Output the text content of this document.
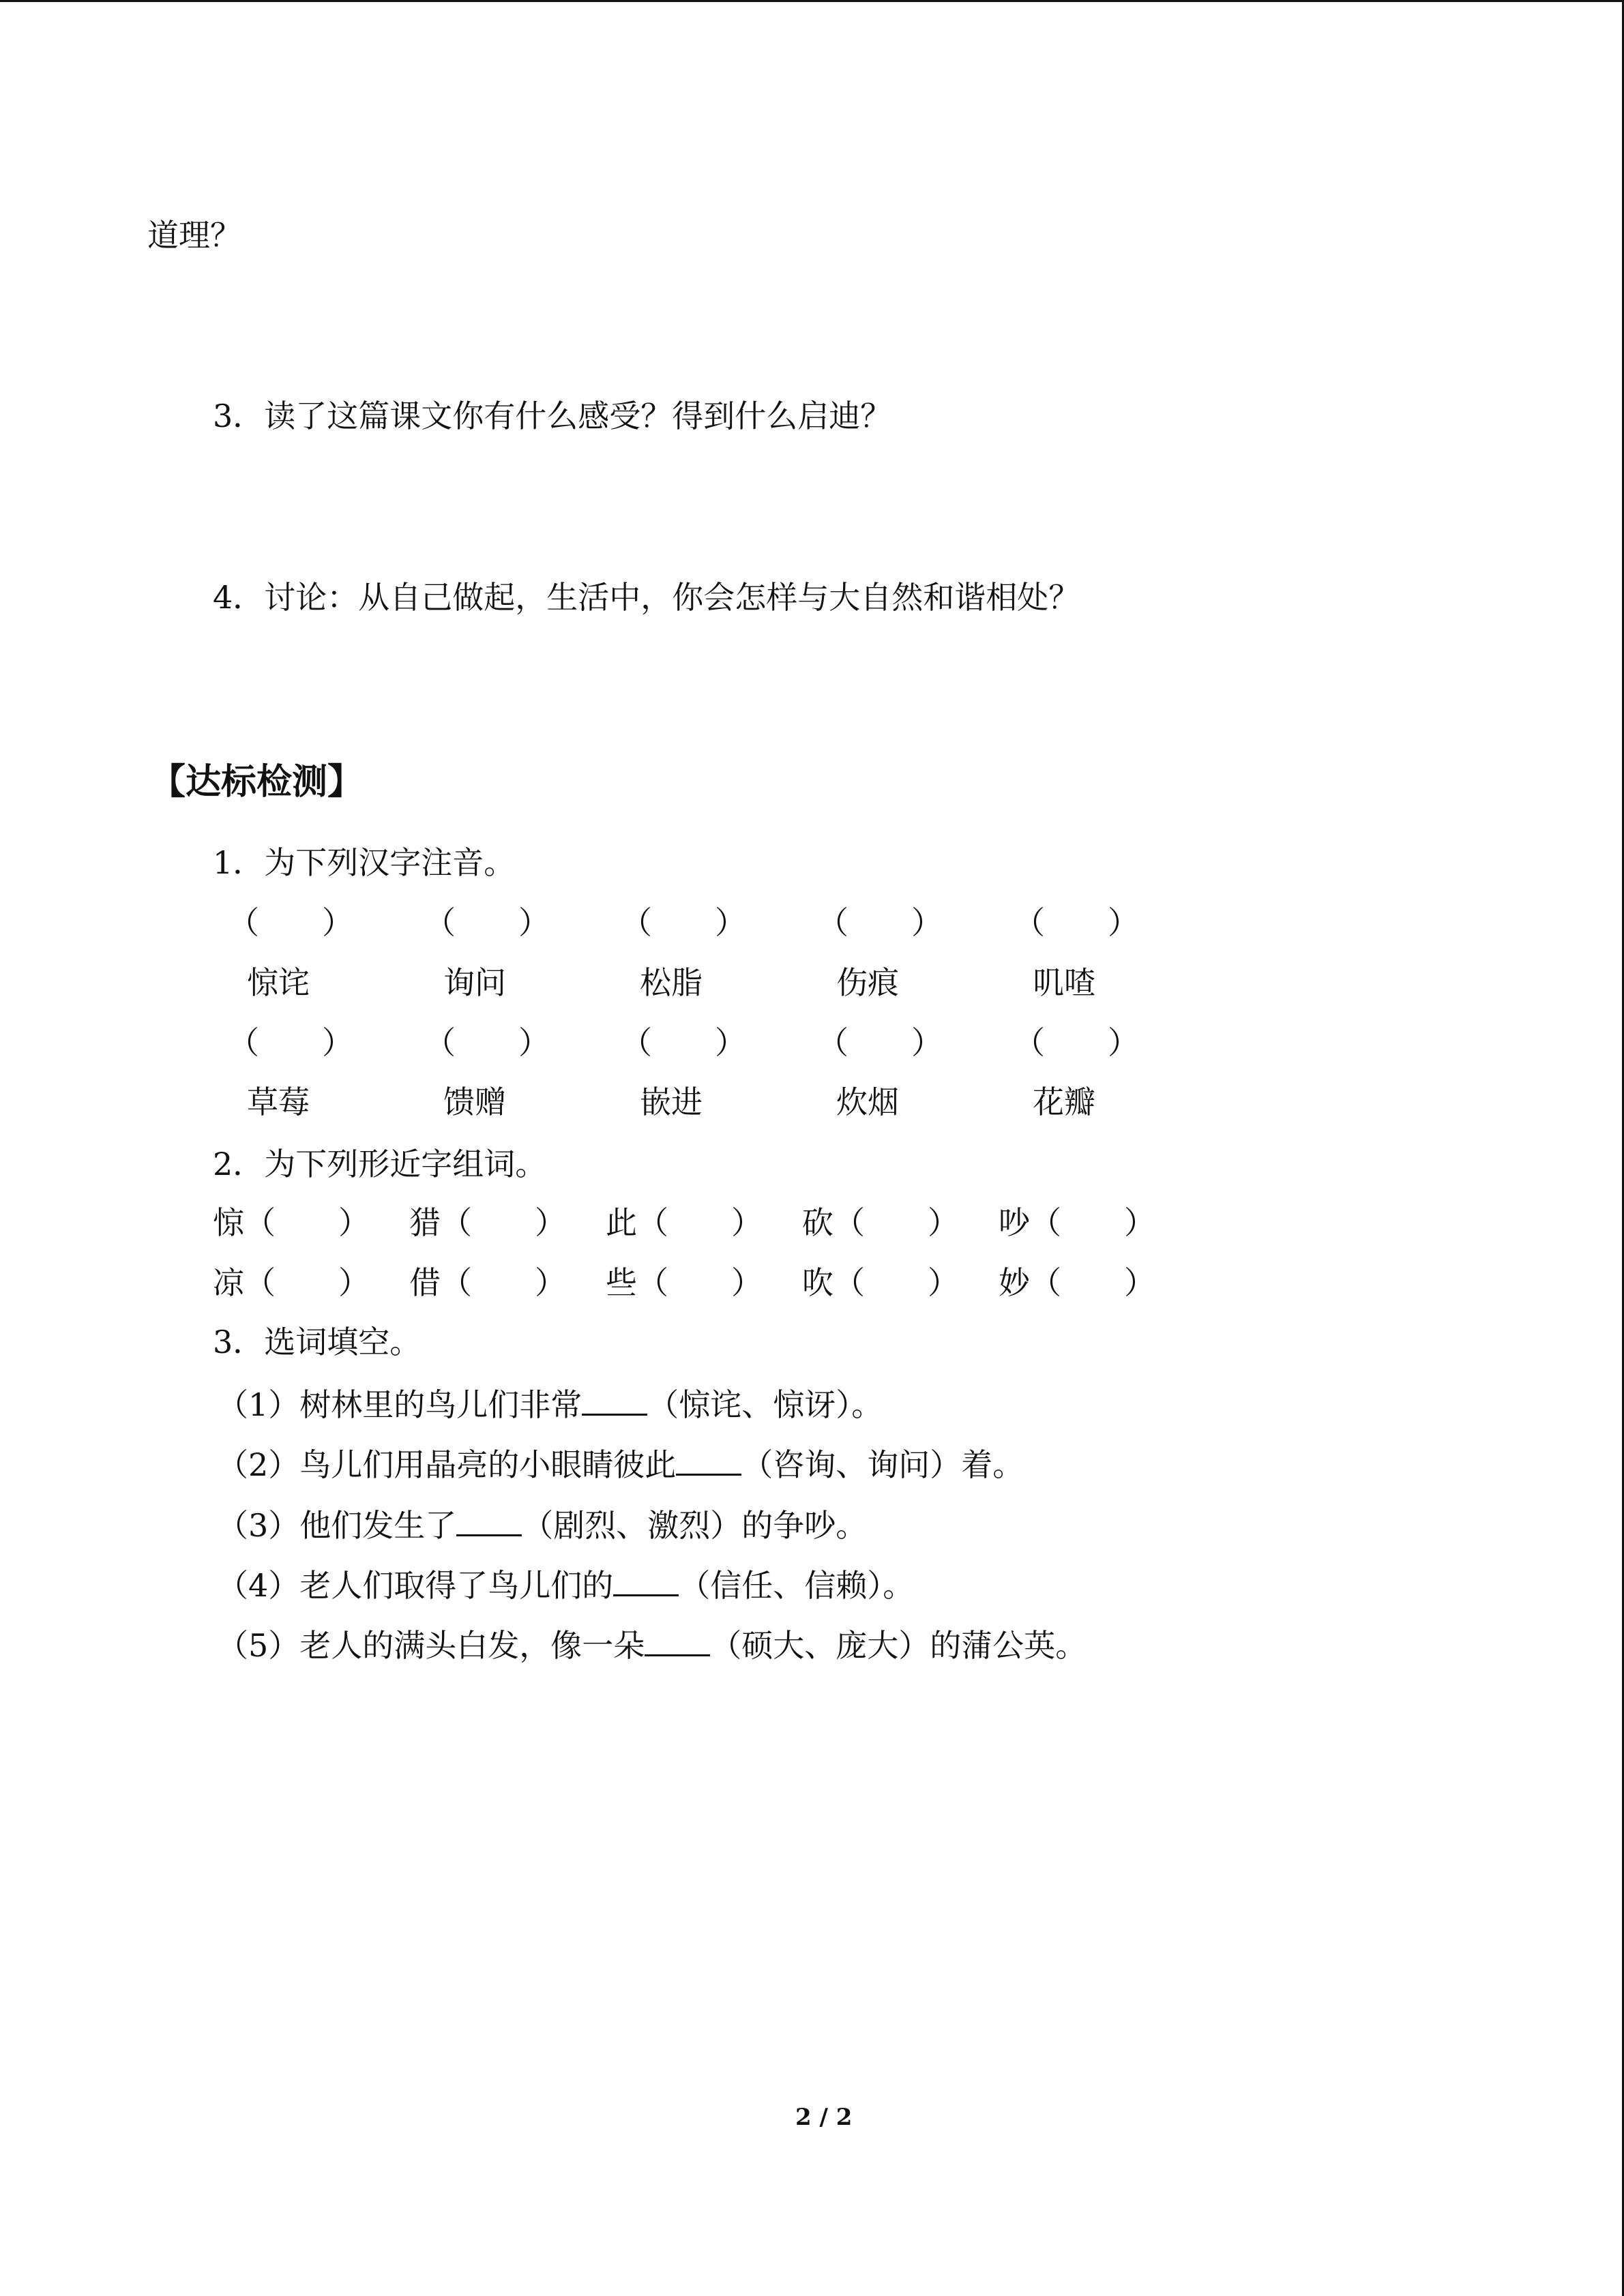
道理？
3．读了这篇课文你有什么感受？得到什么启迪？
4．讨论：从自己做起，生活中，你会怎样与大自然和谐相处？
【达标检测】
1．为下列汉字注音。
（　　） （　　） （　　） （　　） （　　）
惊诧	询问	松脂	伤痕	叽喳
（　　） （　　） （　　） （　　） （　　）
草莓	馈赠	嵌进	炊烟	花瓣
2．为下列形近字组词。
惊（　　） 猎（　　） 此（　　） 砍（　　） 吵（　　）
凉（　　） 借（　　） 些（　　） 吹（　　） 妙（　　）
3．选词填空。
（1）树林里的鸟儿们非常 （惊诧、惊讶）。
（2）鸟儿们用晶亮的小眼睛彼此 （咨询、询问）着。
（3）他们发生了 （剧烈、激烈）的争吵。
（4）老人们取得了鸟儿们的 （信任、信赖）。
（5）老人的满头白发，像一朵 （硕大、庞大）的蒲公英。
2 / 2
